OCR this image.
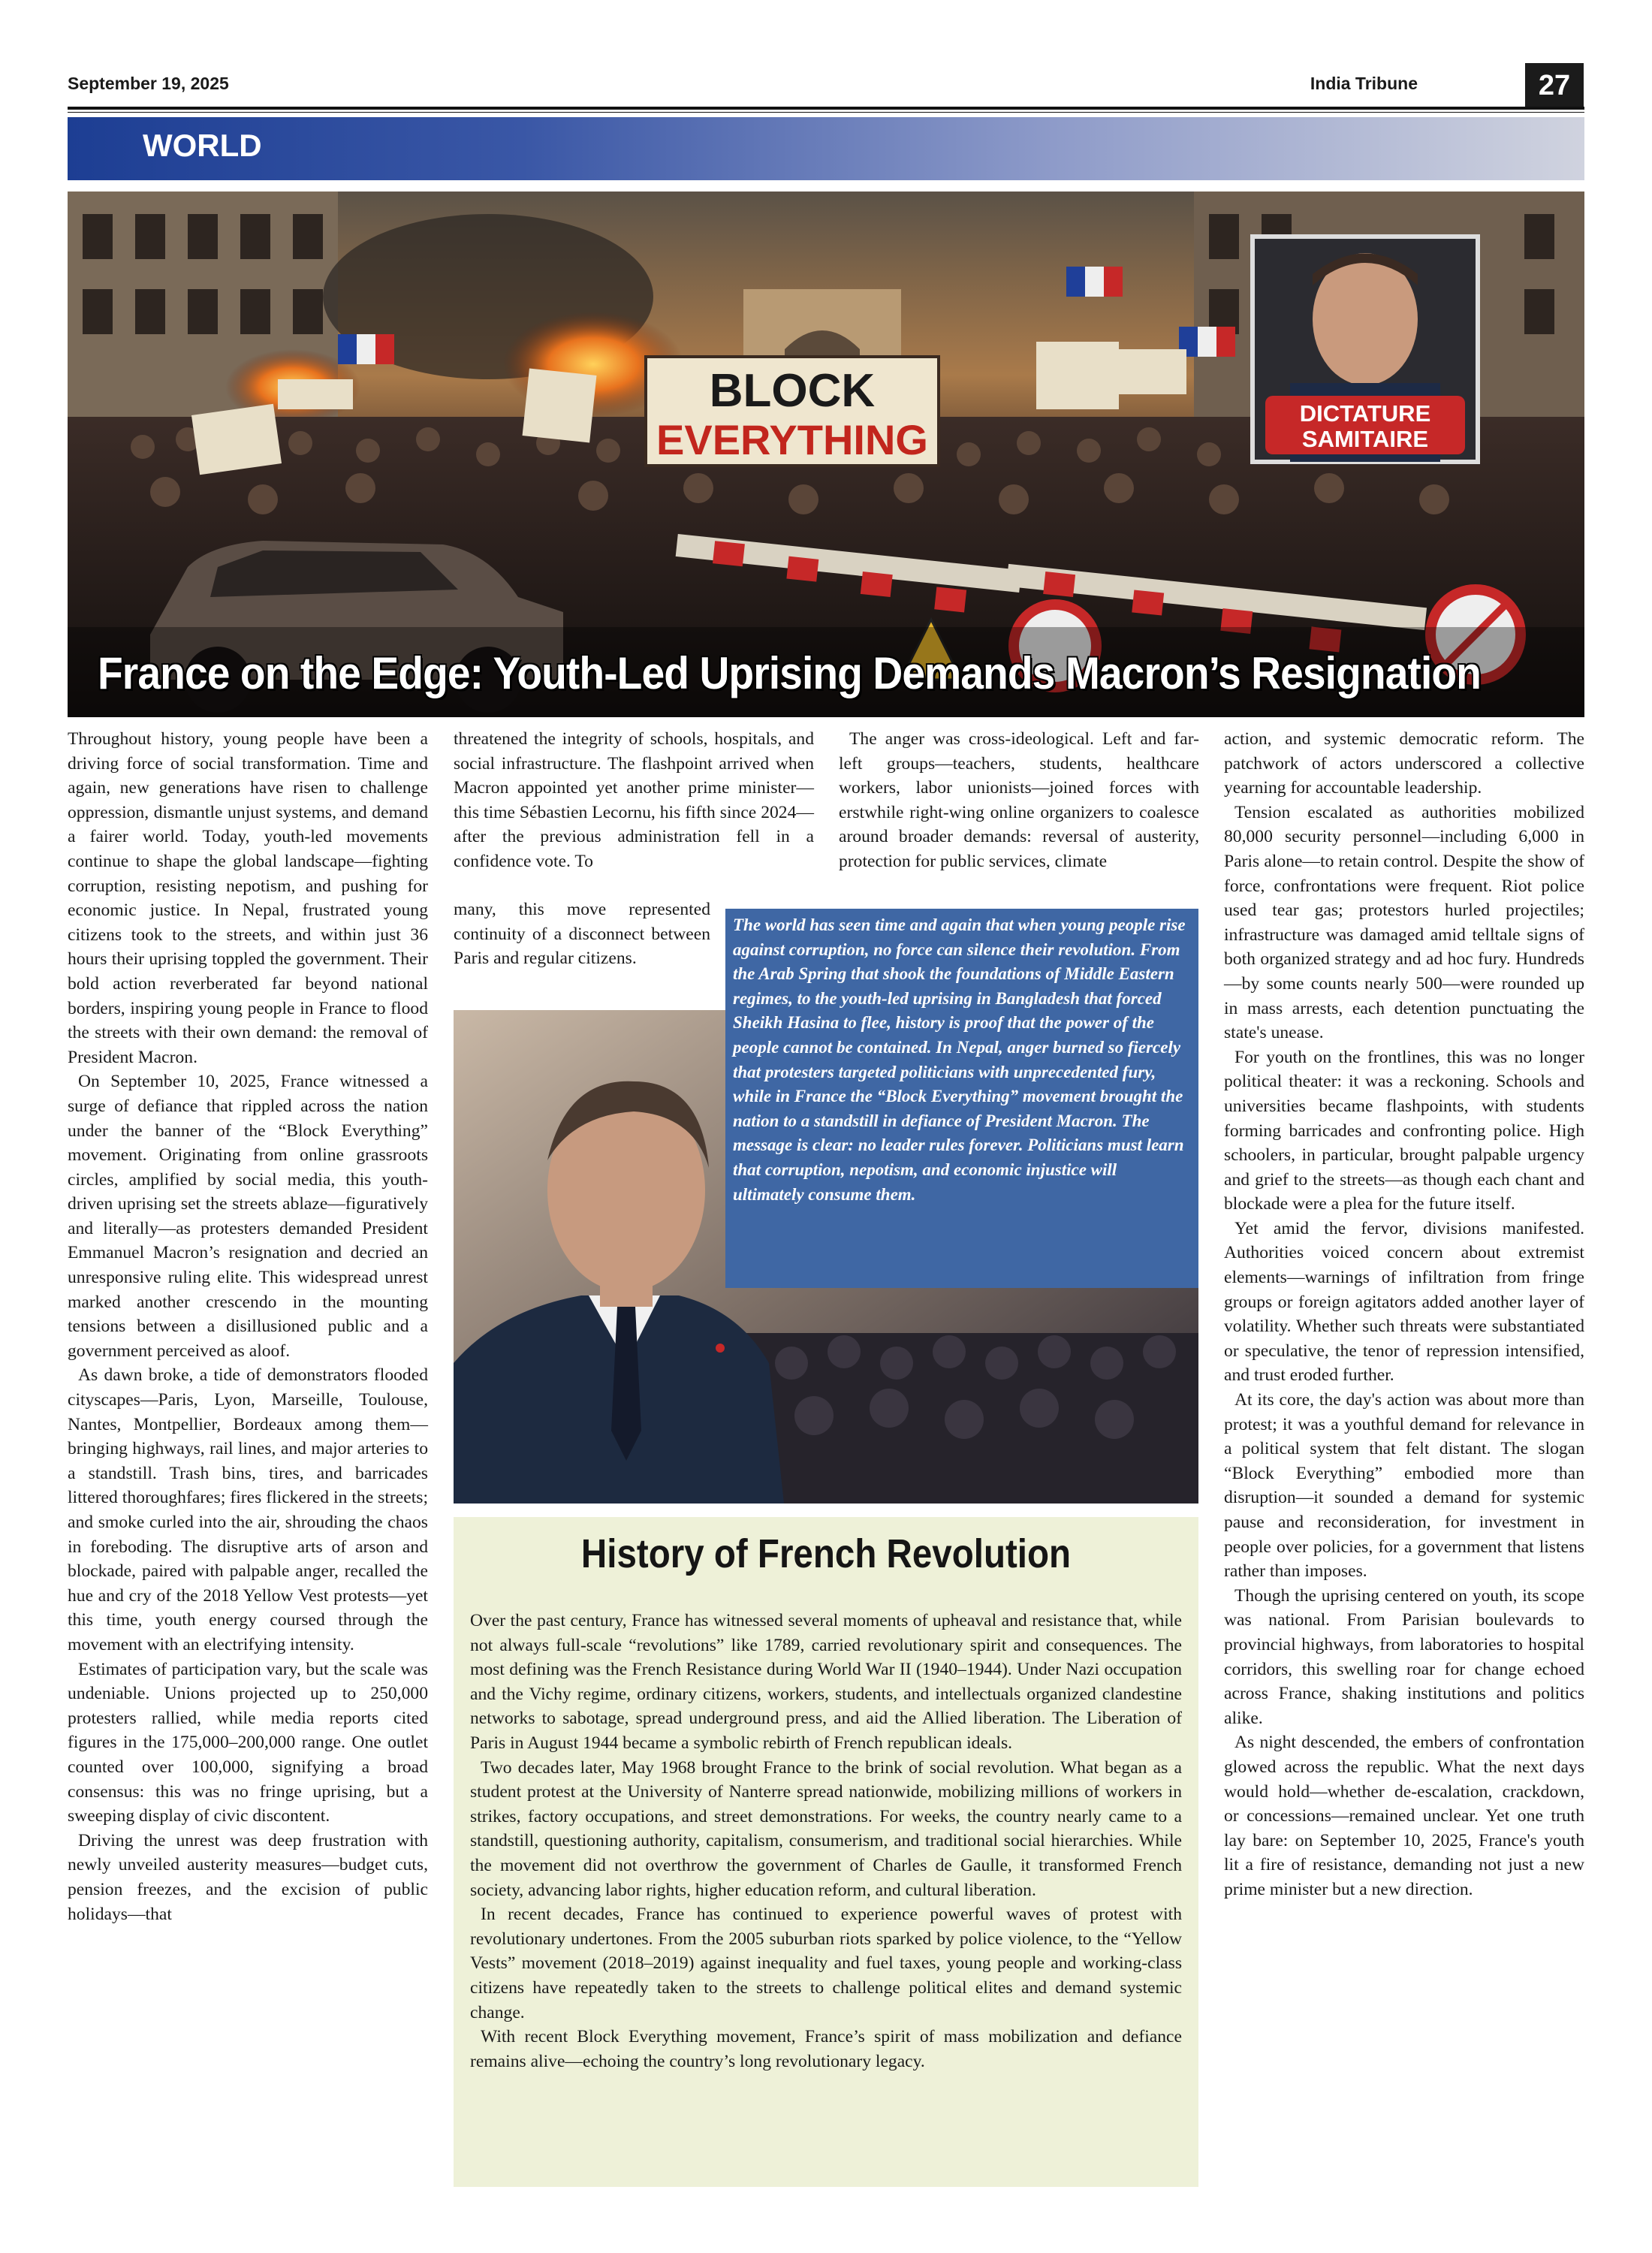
September 19, 2025	India Tribune	27
WORLD
BLOCK
EVERYTHING
DICTATURE
SAMITAIRE
France on the Edge: Youth-Led Uprising Demands Macron’s Resignation

Throughout history, young people have been a driving force of social transformation. Time and again, new generations have risen to challenge oppression, dismantle unjust systems, and demand a fairer world. Today, youth-led movements continue to shape the global landscape—fighting corruption, resisting nepotism, and pushing for economic justice. In Nepal, frustrated young citizens took to the streets, and within just 36 hours their uprising toppled the government. Their bold action reverberated far beyond national borders, inspiring young people in France to flood the streets with their own demand: the removal of President Macron.

On September 10, 2025, France witnessed a surge of defiance that rippled across the nation under the banner of the “Block Everything” movement. Originating from online grassroots circles, amplified by social media, this youth-driven uprising set the streets ablaze—figuratively and literally—as protesters demanded President Emmanuel Macron’s resignation and decried an unresponsive ruling elite. This widespread unrest marked another crescendo in the mounting tensions between a disillusioned public and a government perceived as aloof.

As dawn broke, a tide of demonstrators flooded cityscapes—Paris, Lyon, Marseille, Toulouse, Nantes, Montpellier, Bordeaux among them—bringing highways, rail lines, and major arteries to a standstill. Trash bins, tires, and barricades littered thoroughfares; fires flickered in the streets; and smoke curled into the air, shrouding the chaos in foreboding. The disruptive arts of arson and blockade, paired with palpable anger, recalled the hue and cry of the 2018 Yellow Vest protests—yet this time, youth energy coursed through the movement with an electrifying intensity.

Estimates of participation vary, but the scale was undeniable. Unions projected up to 250,000 protesters rallied, while media reports cited figures in the 175,000–200,000 range. One outlet counted over 100,000, signifying a broad consensus: this was no fringe uprising, but a sweeping display of civic discontent.

Driving the unrest was deep frustration with newly unveiled austerity measures—budget cuts, pension freezes, and the excision of public holidays—that

threatened the integrity of schools, hospitals, and social infrastructure. The flashpoint arrived when Macron appointed yet another prime minister—this time Sébastien Lecornu, his fifth since 2024—after the previous administration fell in a confidence vote. To

many, this move represented continuity of a disconnect between Paris and regular citizens.

The anger was cross-ideological. Left and far-left groups—teachers, students, healthcare workers, labor unionists—joined forces with erstwhile right-wing online organizers to coalesce around broader demands: reversal of austerity, protection for public services, climate

The world has seen time and again that when young people rise against corruption, no force can silence their revolution. From the Arab Spring that shook the foundations of Middle Eastern regimes, to the youth-led uprising in Bangladesh that forced Sheikh Hasina to flee, history is proof that the power of the people cannot be contained. In Nepal, anger burned so fiercely that protesters targeted politicians with unprecedented fury, while in France the “Block Everything” movement brought the nation to a standstill in defiance of President Macron. The message is clear: no leader rules forever. Politicians must learn that corruption, nepotism, and economic injustice will ultimately consume them.

action, and systemic democratic reform. The patchwork of actors underscored a collective yearning for accountable leadership.

Tension escalated as authorities mobilized 80,000 security personnel—including 6,000 in Paris alone—to retain control. Despite the show of force, confrontations were frequent. Riot police used tear gas; protestors hurled projectiles; infrastructure was damaged amid telltale signs of both organized strategy and ad hoc fury. Hundreds—by some counts nearly 500—were rounded up in mass arrests, each detention punctuating the state's unease.

For youth on the frontlines, this was no longer political theater: it was a reckoning. Schools and universities became flashpoints, with students forming barricades and confronting police. High schoolers, in particular, brought palpable urgency and grief to the streets—as though each chant and blockade were a plea for the future itself.

Yet amid the fervor, divisions manifested. Authorities voiced concern about extremist elements—warnings of infiltration from fringe groups or foreign agitators added another layer of volatility. Whether such threats were substantiated or speculative, the tenor of repression intensified, and trust eroded further.

At its core, the day's action was about more than protest; it was a youthful demand for relevance in a political system that felt distant. The slogan “Block Everything” embodied more than disruption—it sounded a demand for systemic pause and reconsideration, for investment in people over policies, for a government that listens rather than imposes.

Though the uprising centered on youth, its scope was national. From Parisian boulevards to provincial highways, from laboratories to hospital corridors, this swelling roar for change echoed across France, shaking institutions and politics alike.

As night descended, the embers of confrontation glowed across the republic. What the next days would hold—whether de-escalation, crackdown, or concessions—remained unclear. Yet one truth lay bare: on September 10, 2025, France's youth lit a fire of resistance, demanding not just a new prime minister but a new direction.

History of French Revolution

Over the past century, France has witnessed several moments of upheaval and resistance that, while not always full-scale “revolutions” like 1789, carried revolutionary spirit and consequences. The most defining was the French Resistance during World War II (1940–1944). Under Nazi occupation and the Vichy regime, ordinary citizens, workers, students, and intellectuals organized clandestine networks to sabotage, spread underground press, and aid the Allied liberation. The Liberation of Paris in August 1944 became a symbolic rebirth of French republican ideals.

Two decades later, May 1968 brought France to the brink of social revolution. What began as a student protest at the University of Nanterre spread nationwide, mobilizing millions of workers in strikes, factory occupations, and street demonstrations. For weeks, the country nearly came to a standstill, questioning authority, capitalism, consumerism, and traditional social hierarchies. While the movement did not overthrow the government of Charles de Gaulle, it transformed French society, advancing labor rights, higher education reform, and cultural liberation.

In recent decades, France has continued to experience powerful waves of protest with revolutionary undertones. From the 2005 suburban riots sparked by police violence, to the “Yellow Vests” movement (2018–2019) against inequality and fuel taxes, young people and working-class citizens have repeatedly taken to the streets to challenge political elites and demand systemic change.

With recent Block Everything movement, France’s spirit of mass mobilization and defiance remains alive—echoing the country’s long revolutionary legacy.
